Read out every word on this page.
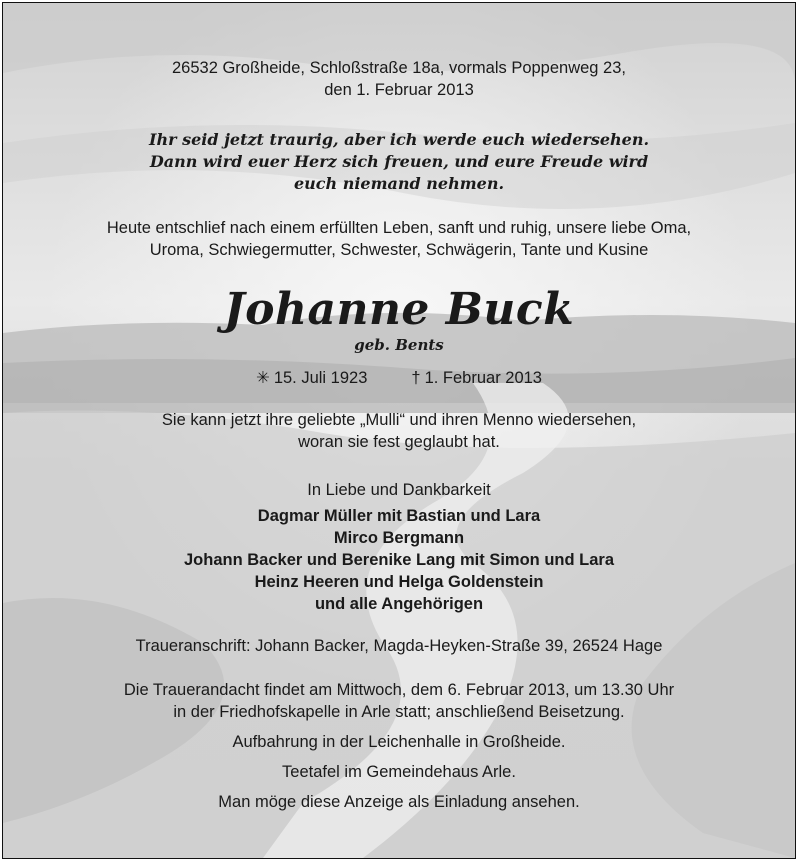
26532 Großheide, Schloßstraße 18a, vormals Poppenweg 23,
den 1. Februar 2013
Ihr seid jetzt traurig, aber ich werde euch wiedersehen.
Dann wird euer Herz sich freuen, und eure Freude wird
euch niemand nehmen.
Heute entschlief nach einem erfüllten Leben, sanft und ruhig, unsere liebe Oma,
Uroma, Schwiegermutter, Schwester, Schwägerin, Tante und Kusine
Johanne Buck
geb. Bents
✳ 15. Juli 1923	† 1. Februar 2013
Sie kann jetzt ihre geliebte „Mulli“ und ihren Menno wiedersehen,
woran sie fest geglaubt hat.
In Liebe und Dankbarkeit
Dagmar Müller mit Bastian und Lara
Mirco Bergmann
Johann Backer und Berenike Lang mit Simon und Lara
Heinz Heeren und Helga Goldenstein
und alle Angehörigen
Traueranschrift: Johann Backer, Magda-Heyken-Straße 39, 26524 Hage
Die Trauerandacht findet am Mittwoch, dem 6. Februar 2013, um 13.30 Uhr
in der Friedhofskapelle in Arle statt; anschließend Beisetzung.
Aufbahrung in der Leichenhalle in Großheide.
Teetafel im Gemeindehaus Arle.
Man möge diese Anzeige als Einladung ansehen.
